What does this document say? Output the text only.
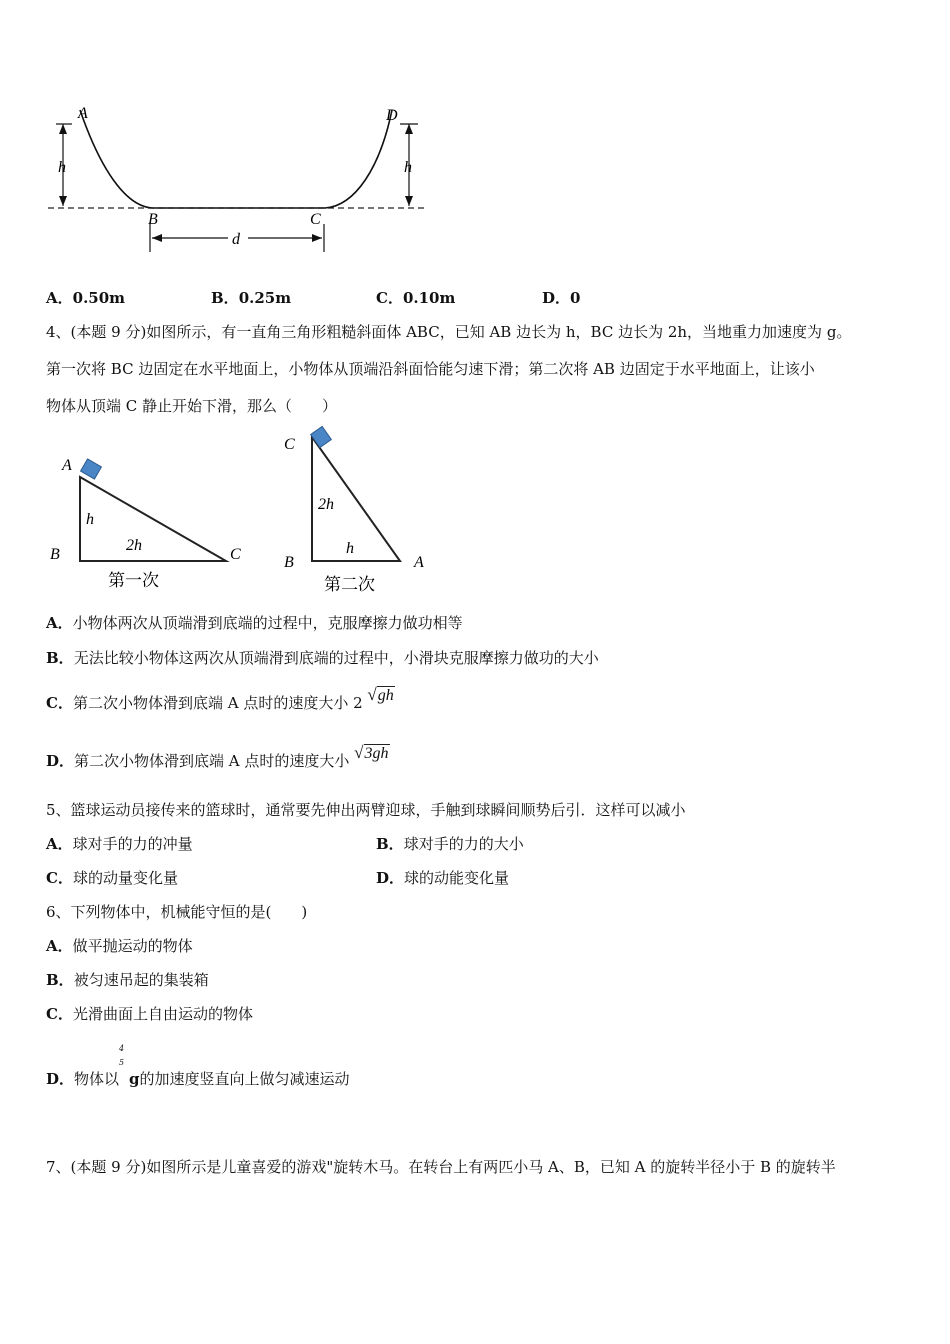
A	D
h	h
B	C
d
A．0.50m	B．0.25m	C．0.10m	D．0
4、(本题 9 分)如图所示，有一直角三角形粗糙斜面体 ABC，已知 AB 边长为 h，BC 边长为 2h，当地重力加速度为 g。
第一次将 BC 边固定在水平地面上，小物体从顶端沿斜面恰能匀速下滑；第二次将 AB 边固定于水平地面上，让该小
物体从顶端 C 静止开始下滑，那么（　　）
A
B	C
h
2h
第一次
C
B	A
2h
h
第二次
A．小物体两次从顶端滑到底端的过程中，克服摩擦力做功相等
B．无法比较小物体这两次从顶端滑到底端的过程中，小滑块克服摩擦力做功的大小
C．第二次小物体滑到底端 A 点时的速度大小 2 √gh
D．第二次小物体滑到底端 A 点时的速度大小 √3gh
5、篮球运动员接传来的篮球时，通常要先伸出两臂迎球，手触到球瞬间顺势后引．这样可以减小
A．球对手的力的冲量	B．球对手的力的大小
C．球的动量变化量	D．球的动能变化量
6、下列物体中，机械能守恒的是(　　)
A．做平抛运动的物体
B．被匀速吊起的集装箱
C．光滑曲面上自由运动的物体
D．物体以
4
5
g的加速度竖直向上做匀减速运动
7、(本题 9 分)如图所示是儿童喜爱的游戏"旋转木马。在转台上有两匹小马 A、B，已知 A 的旋转半径小于 B 的旋转半
